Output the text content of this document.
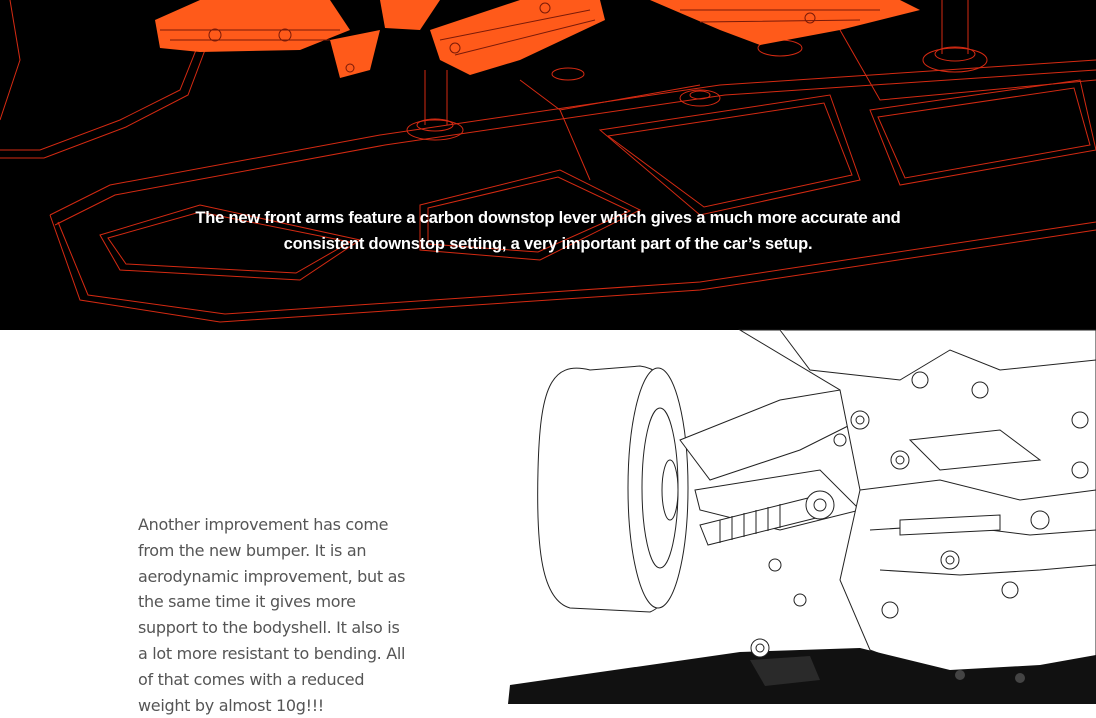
The new front arms feature a carbon downstop lever which gives a much more accurate and consistent downstop setting, a very important part of the car’s setup.

Another improvement has come from the new bumper. It is an aerodynamic improvement, but as the same time it gives more support to the bodyshell. It also is a lot more resistant to bending. All of that comes with a reduced weight by almost 10g!!!
